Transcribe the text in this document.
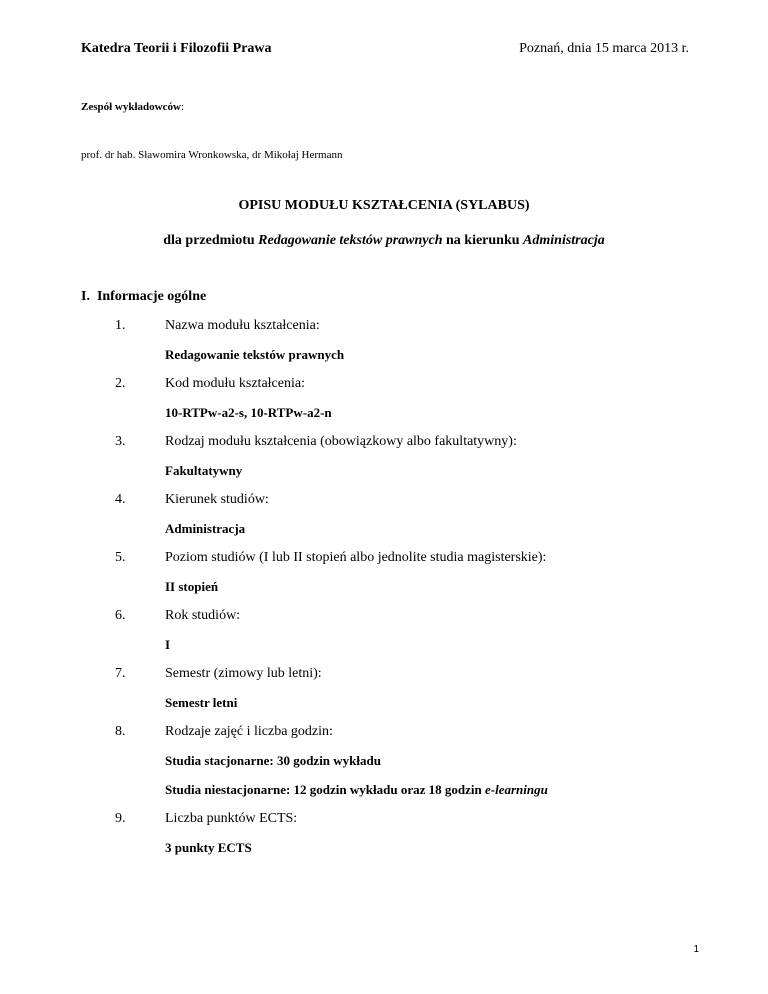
Katedra Teorii i Filozofii Prawa	Poznań, dnia 15 marca 2013 r.
Zespół wykładowców:
prof. dr hab. Sławomira Wronkowska, dr Mikołaj Hermann
OPISU MODUŁU KSZTAŁCENIA (SYLABUS)
dla przedmiotu Redagowanie tekstów prawnych na kierunku Administracja
I.  Informacje ogólne
1.	Nazwa modułu kształcenia:
Redagowanie tekstów prawnych
2.	Kod modułu kształcenia:
10-RTPw-a2-s, 10-RTPw-a2-n
3.	Rodzaj modułu kształcenia (obowiązkowy albo fakultatywny):
Fakultatywny
4.	Kierunek studiów:
Administracja
5.	Poziom studiów (I lub II stopień albo jednolite studia magisterskie):
II stopień
6.	Rok studiów:
I
7.	Semestr (zimowy lub letni):
Semestr letni
8.	Rodzaje zajęć i liczba godzin:
Studia stacjonarne: 30 godzin wykładu
Studia niestacjonarne: 12 godzin wykładu oraz 18 godzin e-learningu
9.	Liczba punktów ECTS:
3 punkty ECTS
1
